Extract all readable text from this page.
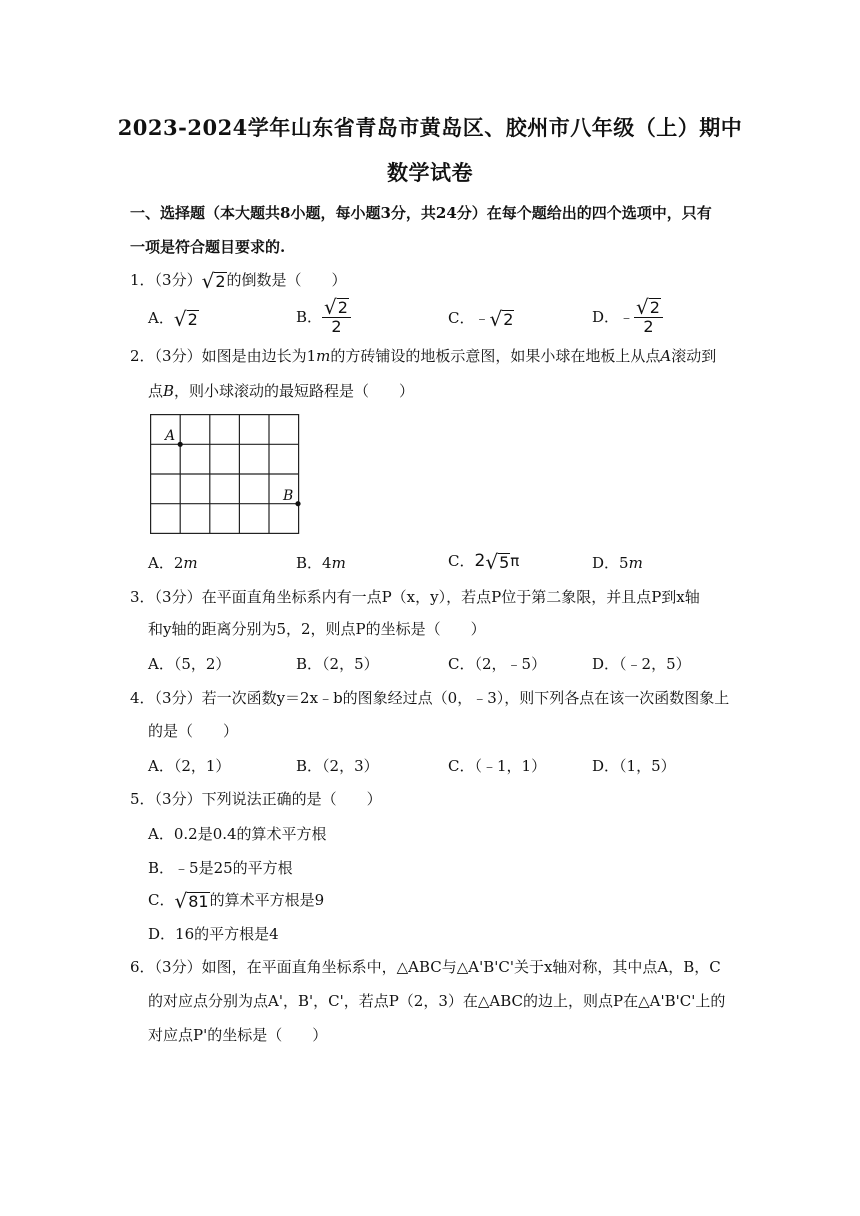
2023-2024学年山东省青岛市黄岛区、胶州市八年级（上）期中
数学试卷
一、选择题（本大题共8小题，每小题3分，共24分）在每个题给出的四个选项中，只有
一项是符合题目要求的.
1．（3分） √ 2 的倒数是（　　）
A． √ 2	B． $\frac{√ 2}{2}$	C．﹣ √ 2	D．﹣ $\frac{√ 2}{2}$
2．（3分）如图是由边长为1m的方砖铺设的地板示意图，如果小球在地板上从点A滚动到
点B，则小球滚动的最短路程是（　　）
A
B
A．2m	B．4m	C．2 √ 5 π	D．5m
3．（3分）在平面直角坐标系内有一点P（x，y），若点P位于第二象限，并且点P到x轴
和y轴的距离分别为5，2，则点P的坐标是（　　）
A．（5，2）	B．（2，5）	C．（2，﹣5）	D．（﹣2，5）
4．（3分）若一次函数y＝2x﹣b的图象经过点（0，﹣3），则下列各点在该一次函数图象上
的是（　　）
A．（2，1）	B．（2，3）	C．（﹣1，1）	D．（1，5）
5．（3分）下列说法正确的是（　　）
A．0.2是0.4的算术平方根
B．﹣5是25的平方根
C． √ 81 的算术平方根是9
D．16的平方根是4
6．（3分）如图，在平面直角坐标系中，△ABC与△A'B'C'关于x轴对称，其中点A，B，C
的对应点分别为点A'，B'，C'，若点P（2，3）在△ABC的边上，则点P在△A'B'C'上的
对应点P'的坐标是（　　）
